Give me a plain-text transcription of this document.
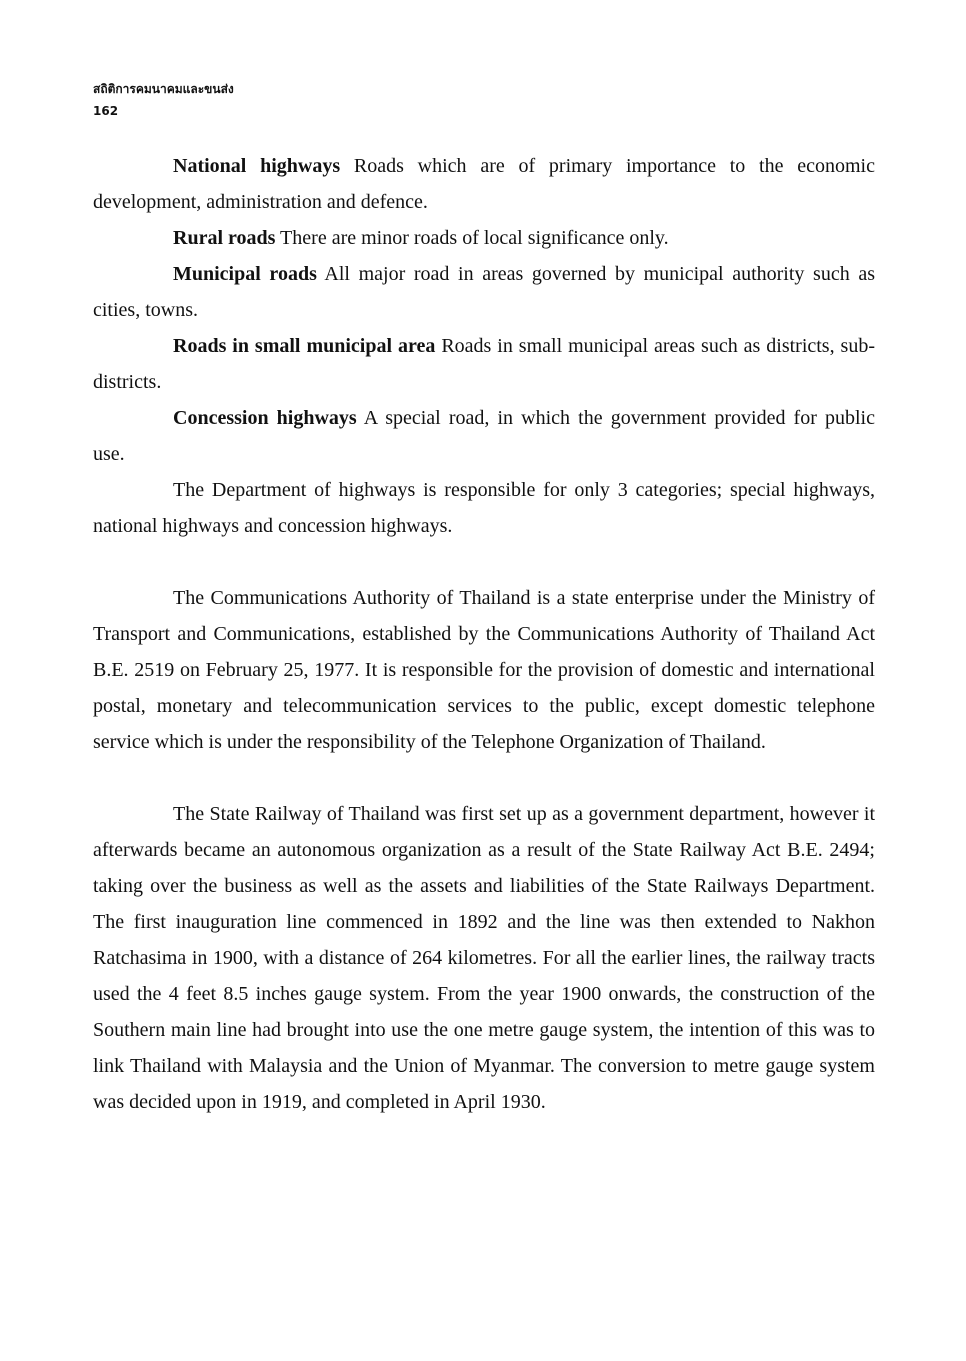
สถิติการคมนาคมและขนส่ง
162

National highways Roads which are of primary importance to the economic development, administration and defence.

Rural roads There are minor roads of local significance only.

Municipal roads All major road in areas governed by municipal authority such as cities, towns.

Roads in small municipal area Roads in small municipal areas such as districts, sub-districts.

Concession highways A special road, in which the government provided for public use.

The Department of highways is responsible for only 3 categories; special highways, national highways and concession highways.

The Communications Authority of Thailand is a state enterprise under the Ministry of Transport and Communications, established by the Communications Authority of Thailand Act B.E. 2519 on February 25, 1977. It is responsible for the provision of domestic and international postal, monetary and telecommunication services to the public, except domestic telephone service which is under the responsibility of the Telephone Organization of Thailand.

The State Railway of Thailand was first set up as a government department, however it afterwards became an autonomous organization as a result of the State Railway Act B.E. 2494; taking over the business as well as the assets and liabilities of the State Railways Department. The first inauguration line commenced in 1892 and the line was then extended to Nakhon Ratchasima in 1900, with a distance of 264 kilometres. For all the earlier lines, the railway tracts used the 4 feet 8.5 inches gauge system. From the year 1900 onwards, the construction of the Southern main line had brought into use the one metre gauge system, the intention of this was to link Thailand with Malaysia and the Union of Myanmar. The conversion to metre gauge system was decided upon in 1919, and completed in April 1930.
